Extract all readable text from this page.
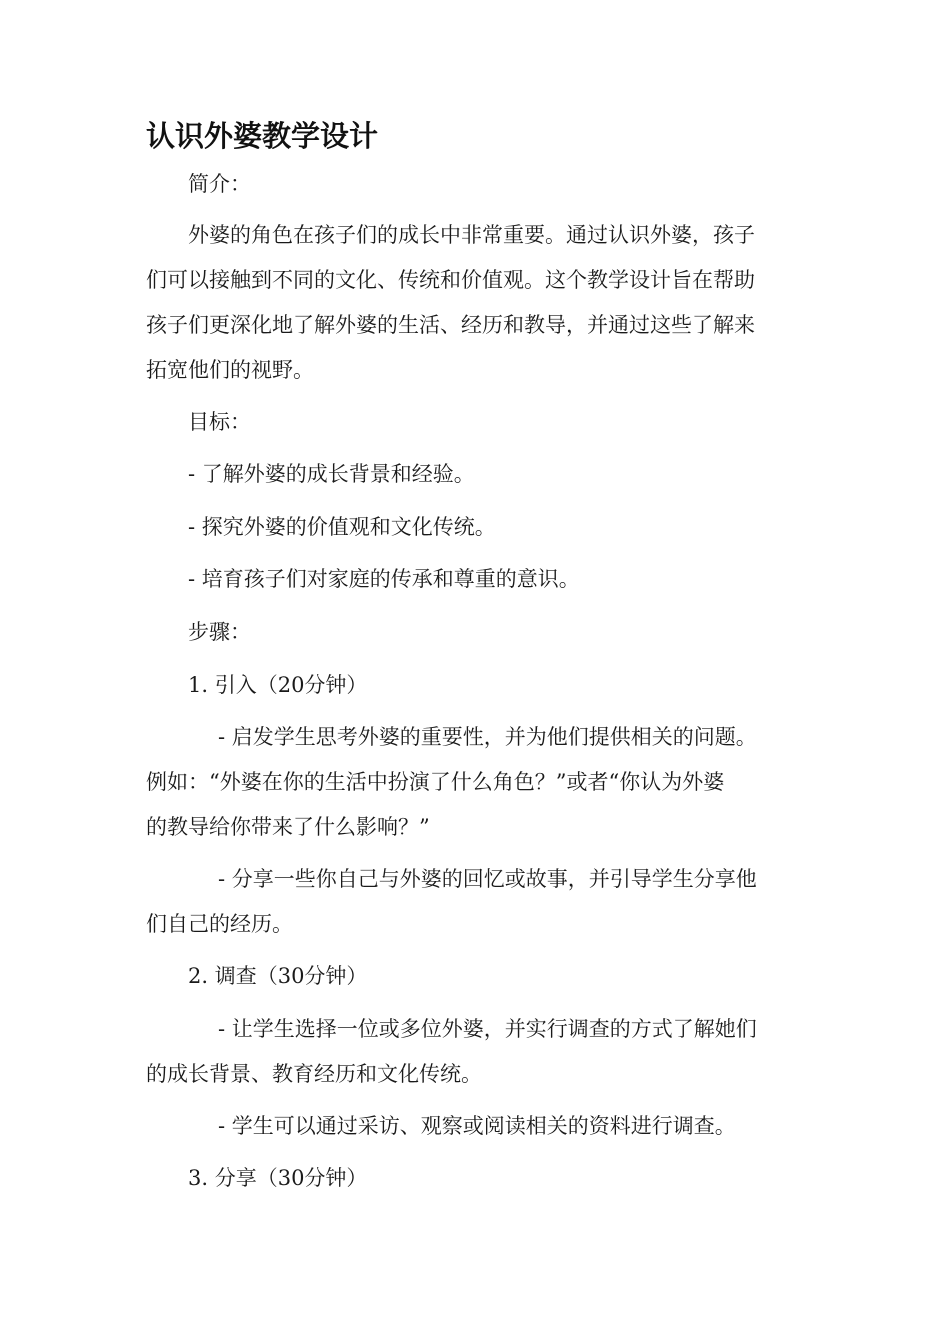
认识外婆教学设计
简介：
外婆的角色在孩子们的成长中非常重要。通过认识外婆，孩子
们可以接触到不同的文化、传统和价值观。这个教学设计旨在帮助
孩子们更深化地了解外婆的生活、经历和教导，并通过这些了解来
拓宽他们的视野。
目标：
- 了解外婆的成长背景和经验。
- 探究外婆的价值观和文化传统。
- 培育孩子们对家庭的传承和尊重的意识。
步骤：
1. 引入（20分钟）
- 启发学生思考外婆的重要性，并为他们提供相关的问题。
例如：“外婆在你的生活中扮演了什么角色？”或者“你认为外婆
的教导给你带来了什么影响？”
- 分享一些你自己与外婆的回忆或故事，并引导学生分享他
们自己的经历。
2. 调查（30分钟）
- 让学生选择一位或多位外婆，并实行调查的方式了解她们
的成长背景、教育经历和文化传统。
- 学生可以通过采访、观察或阅读相关的资料进行调查。
3. 分享（30分钟）
